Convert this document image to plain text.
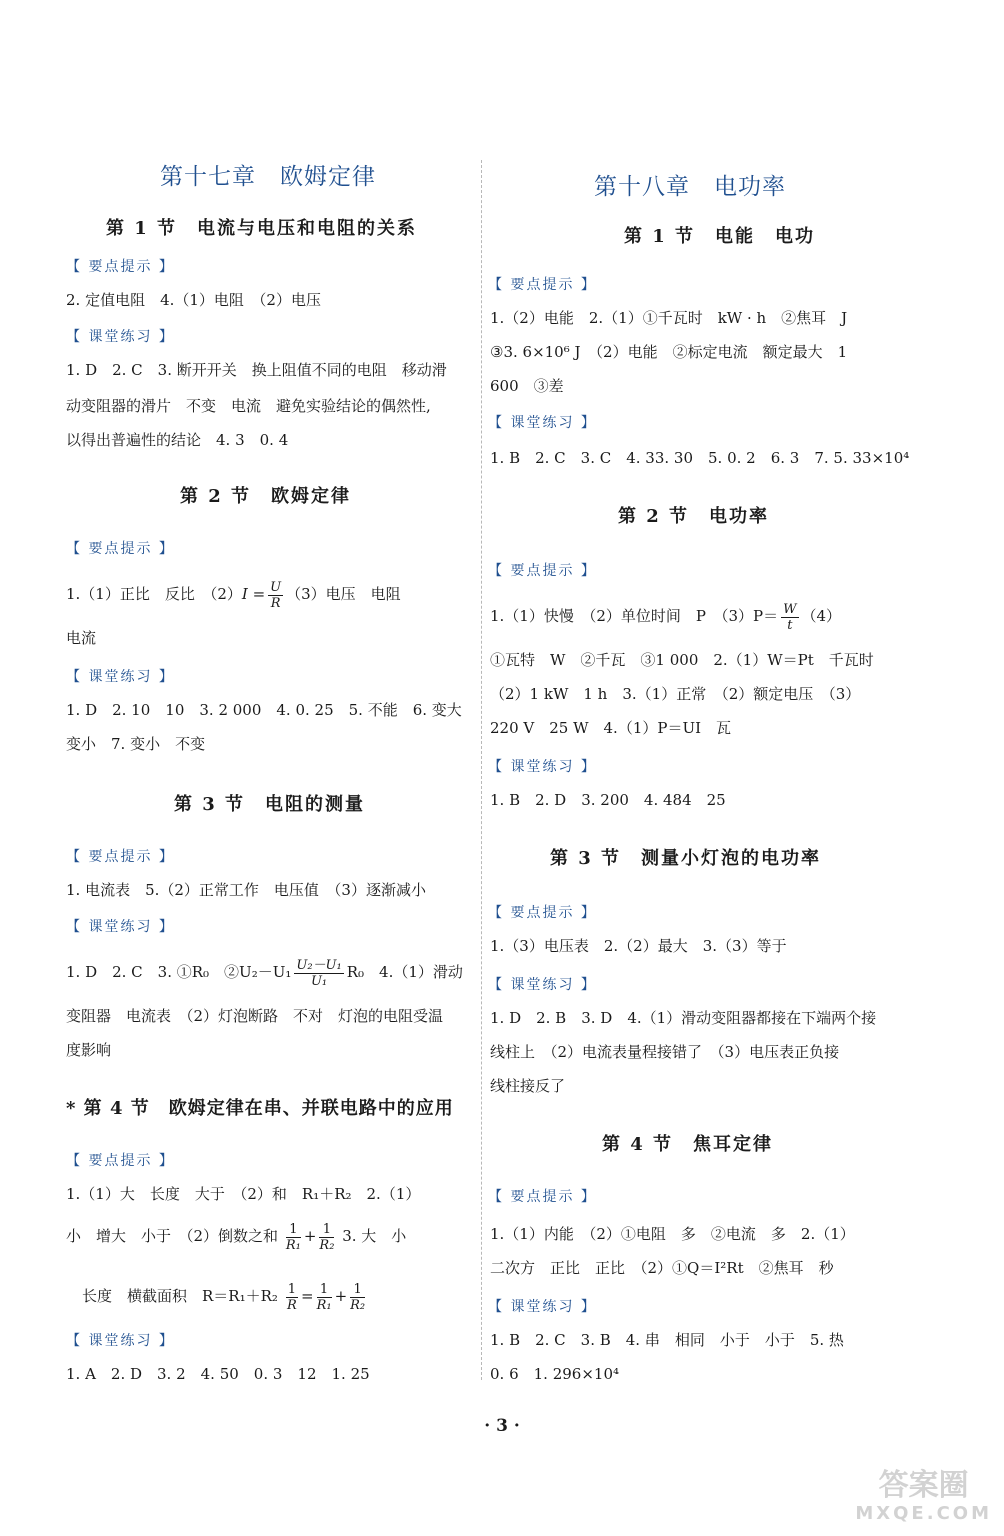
第十七章　欧姆定律
第 1 节　电流与电压和电阻的关系
【 要点提示 】
2. 定值电阻　4.（1）电阻　（2）电压
【 课堂练习 】
1. D　2. C　3. 断开开关　换上阻值不同的电阻　移动滑
动变阻器的滑片　不变　电流　避免实验结论的偶然性,
以得出普遍性的结论　4. 3　0. 4
第 2 节　欧姆定律
【 要点提示 】
1.（1）正比　反比　$(2)I = \frac{U}{R} (3)$电压　电阻
电流
【 课堂练习 】
1. D　2. 10　10　3. 2 000　4. 0. 25　5. 不能　6. 变大
变小　7. 变小　不变
第 3 节　电阻的测量
【 要点提示 】
1. 电流表　5.（2）正常工作　电压值　（3）逐渐减小
【 课堂练习 】
1. D　2. C　3. ①R₀　②U₂－U₁ $\frac{\text{U₂－U₁}}{\text{U₁}} R_0$　4.（1）滑动
变阻器　电流表　（2）灯泡断路　不对　灯泡的电阻受温
度影响
* 第 4 节　欧姆定律在串、并联电路中的应用
【 要点提示 】
1.（1）大　长度　大于　（2）和　R₁＋R₂　2.（1）
小　增大　小于　（2）倒数之和 $\frac{1}{\text{R₁}} + \frac{1}{\text{R₂}} 3$. 大　小
长度　横截面积　$R=R_1+R_2 \frac{1}{R} = \frac{1}{\text{R₁}} + \frac{1}{\text{R₂}}$
【 课堂练习 】
1. A　2. D　3. 2　4. 50　0. 3　12　1. 25
第十八章　电功率
第 1 节　电能　电功
【 要点提示 】
1.（2）电能　2.（1）①千瓦时　kW · h　②焦耳　J
③3. 6×10⁶ J　（2）电能　②标定电流　额定最大　1
600　③差
【 课堂练习 】
1. B　2. C　3. C　4. 33. 30　5. 0. 2　6. 3　7. 5. 33×10⁴
第 2 节　电功率
【 要点提示 】
1.（1）快慢　（2）单位时间　P　$(3)P= \frac{W}{t} (4)$
①瓦特　W　②千瓦　③1 000　2.（1）W＝Pt　千瓦时
（2）1 kW　1 h　3.（1）正常　（2）额定电压　（3）
220 V　25 W　4.（1）P＝UI　瓦
【 课堂练习 】
1. B　2. D　3. 200　4. 484　25
第 3 节　测量小灯泡的电功率
【 要点提示 】
1.（3）电压表　2.（2）最大　3.（3）等于
【 课堂练习 】
1. D　2. B　3. D　4.（1）滑动变阻器都接在下端两个接
线柱上　（2）电流表量程接错了　（3）电压表正负接
线柱接反了
第 4 节　焦耳定律
【 要点提示 】
1.（1）内能　（2）①电阻　多　②电流　多　2.（1）
二次方　正比　正比　（2）①Q＝I²Rt　②焦耳　秒
【 课堂练习 】
1. B　2. C　3. B　4. 串　相同　小于　小于　5. 热
0. 6　1. 296×10⁴
· 3 ·
答案圈
MXQE.COM
